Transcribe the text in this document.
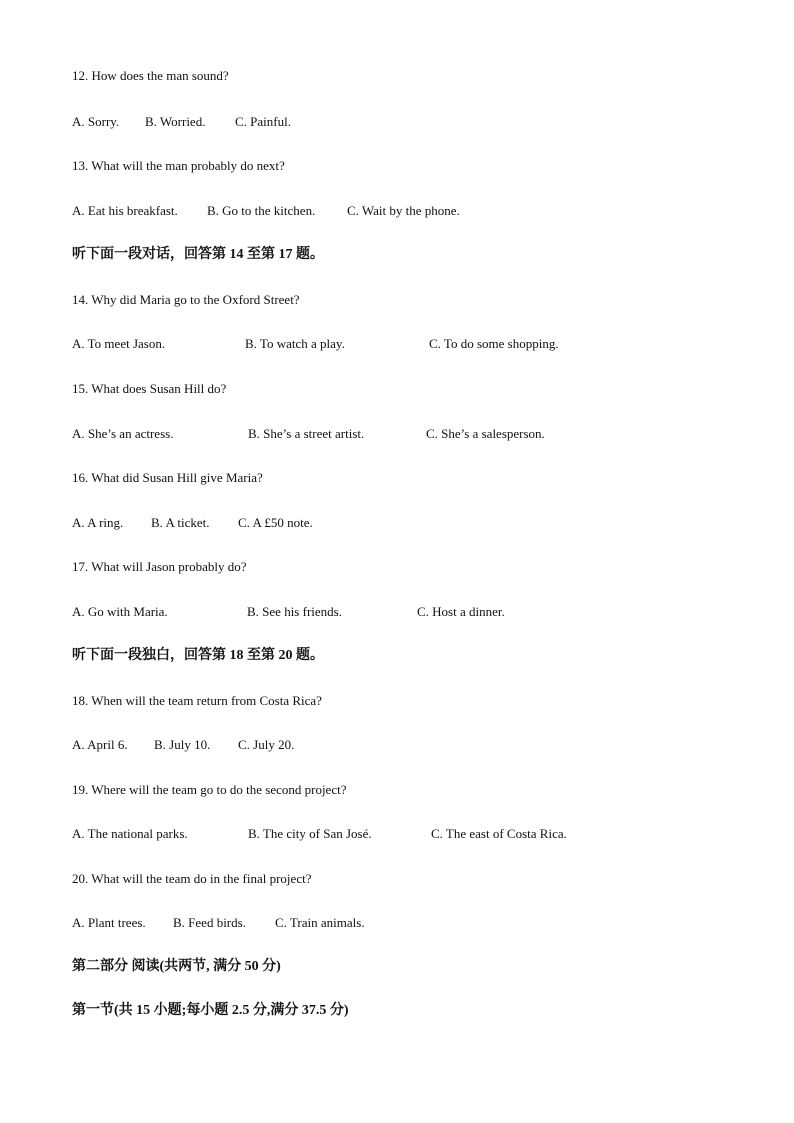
12. How does the man sound?
A. Sorry. B. Worried. C. Painful.
13. What will the man probably do next?
A. Eat his breakfast. B. Go to the kitchen. C. Wait by the phone.
听下面一段对话，回答第 14 至第 17 题。
14. Why did Maria go to the Oxford Street?
A. To meet Jason.	B. To watch a play.	C. To do some shopping.
15. What does Susan Hill do?
A. She’s an actress.	B. She’s a street artist.	C. She’s a salesperson.
16. What did Susan Hill give Maria?
A. A ring. B. A ticket. C. A £50 note.
17. What will Jason probably do?
A. Go with Maria.	B. See his friends.	C. Host a dinner.
听下面一段独白，回答第 18 至第 20 题。
18. When will the team return from Costa Rica?
A. April 6. B. July 10. C. July 20.
19. Where will the team go to do the second project?
A. The national parks.	B. The city of San José.	C. The east of Costa Rica.
20. What will the team do in the final project?
A. Plant trees. B. Feed birds. C. Train animals.
第二部分 阅读(共两节, 满分 50 分)
第一节(共 15 小题;每小题 2.5 分,满分 37.5 分)
